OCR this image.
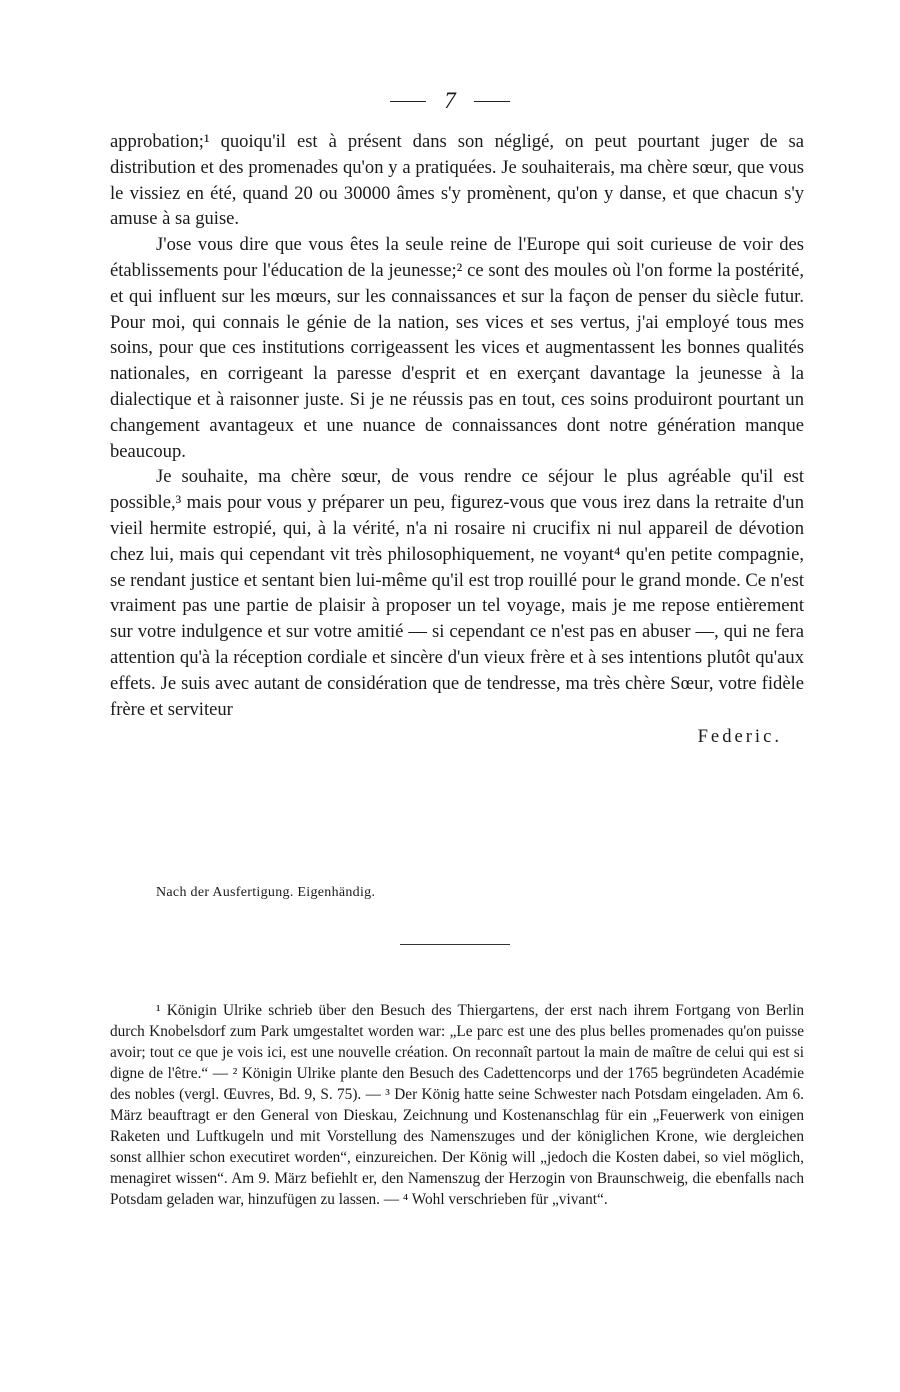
7

approbation;¹ quoiqu'il est à présent dans son négligé, on peut pourtant juger de sa distribution et des promenades qu'on y a pratiquées. Je souhaiterais, ma chère sœur, que vous le vissiez en été, quand 20 ou 30000 âmes s'y promènent, qu'on y danse, et que chacun s'y amuse à sa guise.

J'ose vous dire que vous êtes la seule reine de l'Europe qui soit curieuse de voir des établissements pour l'éducation de la jeunesse;² ce sont des moules où l'on forme la postérité, et qui influent sur les mœurs, sur les connaissances et sur la façon de penser du siècle futur. Pour moi, qui connais le génie de la nation, ses vices et ses vertus, j'ai employé tous mes soins, pour que ces institutions corrigeassent les vices et augmentassent les bonnes qualités nationales, en corrigeant la paresse d'esprit et en exerçant davantage la jeunesse à la dialectique et à raisonner juste. Si je ne réussis pas en tout, ces soins produiront pourtant un changement avantageux et une nuance de connaissances dont notre génération manque beaucoup.

Je souhaite, ma chère sœur, de vous rendre ce séjour le plus agréable qu'il est possible,³ mais pour vous y préparer un peu, figurez-vous que vous irez dans la retraite d'un vieil hermite estropié, qui, à la vérité, n'a ni rosaire ni crucifix ni nul appareil de dévotion chez lui, mais qui cependant vit très philosophiquement, ne voyant⁴ qu'en petite compagnie, se rendant justice et sentant bien lui-même qu'il est trop rouillé pour le grand monde. Ce n'est vraiment pas une partie de plaisir à proposer un tel voyage, mais je me repose entièrement sur votre indulgence et sur votre amitié — si cependant ce n'est pas en abuser —, qui ne fera attention qu'à la réception cordiale et sincère d'un vieux frère et à ses intentions plutôt qu'aux effets. Je suis avec autant de considération que de tendresse, ma très chère Sœur, votre fidèle frère et serviteur

Federic.
Nach der Ausfertigung. Eigenhändig.

¹ Königin Ulrike schrieb über den Besuch des Thiergartens, der erst nach ihrem Fortgang von Berlin durch Knobelsdorf zum Park umgestaltet worden war: „Le parc est une des plus belles promenades qu'on puisse avoir; tout ce que je vois ici, est une nouvelle création. On reconnaît partout la main de maître de celui qui est si digne de l'être.“ — ² Königin Ulrike plante den Besuch des Cadettencorps und der 1765 begründeten Académie des nobles (vergl. Œuvres, Bd. 9, S. 75). — ³ Der König hatte seine Schwester nach Potsdam eingeladen. Am 6. März beauftragt er den General von Dieskau, Zeichnung und Kostenanschlag für ein „Feuerwerk von einigen Raketen und Luftkugeln und mit Vorstellung des Namenszuges und der königlichen Krone, wie dergleichen sonst allhier schon executiret worden“, einzureichen. Der König will „jedoch die Kosten dabei, so viel möglich, menagiret wissen“. Am 9. März befiehlt er, den Namenszug der Herzogin von Braunschweig, die ebenfalls nach Potsdam geladen war, hinzufügen zu lassen. — ⁴ Wohl verschrieben für „vivant“.
